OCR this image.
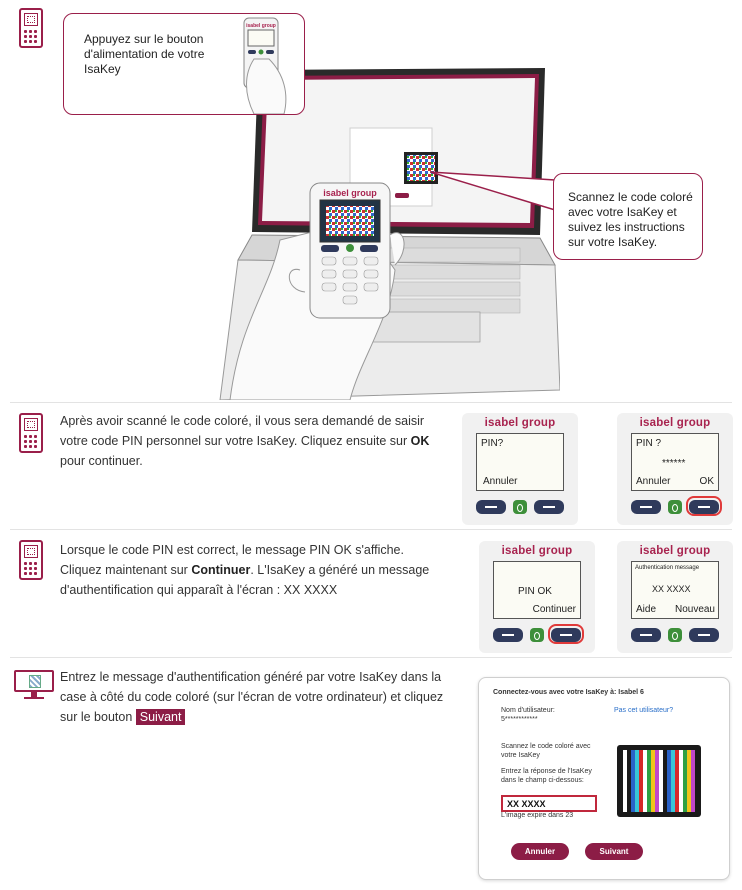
isabel group
Appuyez sur le bouton d'alimentation de votre IsaKey
isabel group
Scannez le code coloré avec votre IsaKey et suivez les instructions sur votre IsaKey.
Après avoir scanné le code coloré, il vous sera demandé de saisir votre code PIN personnel sur votre IsaKey. Cliquez ensuite sur OK pour continuer.
isabel group
PIN?
Annuler
isabel group
PIN ?
******
Annuler	OK
Lorsque le code PIN est correct, le message PIN OK s'affiche. Cliquez maintenant sur Continuer. L'IsaKey a généré un message d'authentification qui apparaît à l'écran : XX XXXX
isabel group
PIN OK
Continuer
isabel group
Authentication message
XX XXXX
Aide Nouveau
Entrez le message d'authentification généré par votre IsaKey dans la case à côté du code coloré (sur l'écran de votre ordinateur) et cliquez sur le bouton Suivant
Connectez-vous avec votre IsaKey à: Isabel 6
Nom d'utilisateur:
5************
Pas cet utilisateur?
Scannez le code coloré avec votre IsaKey
Entrez la réponse de l'IsaKey dans le champ ci-dessous:
XX XXXX
L'image expire dans 23
Annuler	Suivant
